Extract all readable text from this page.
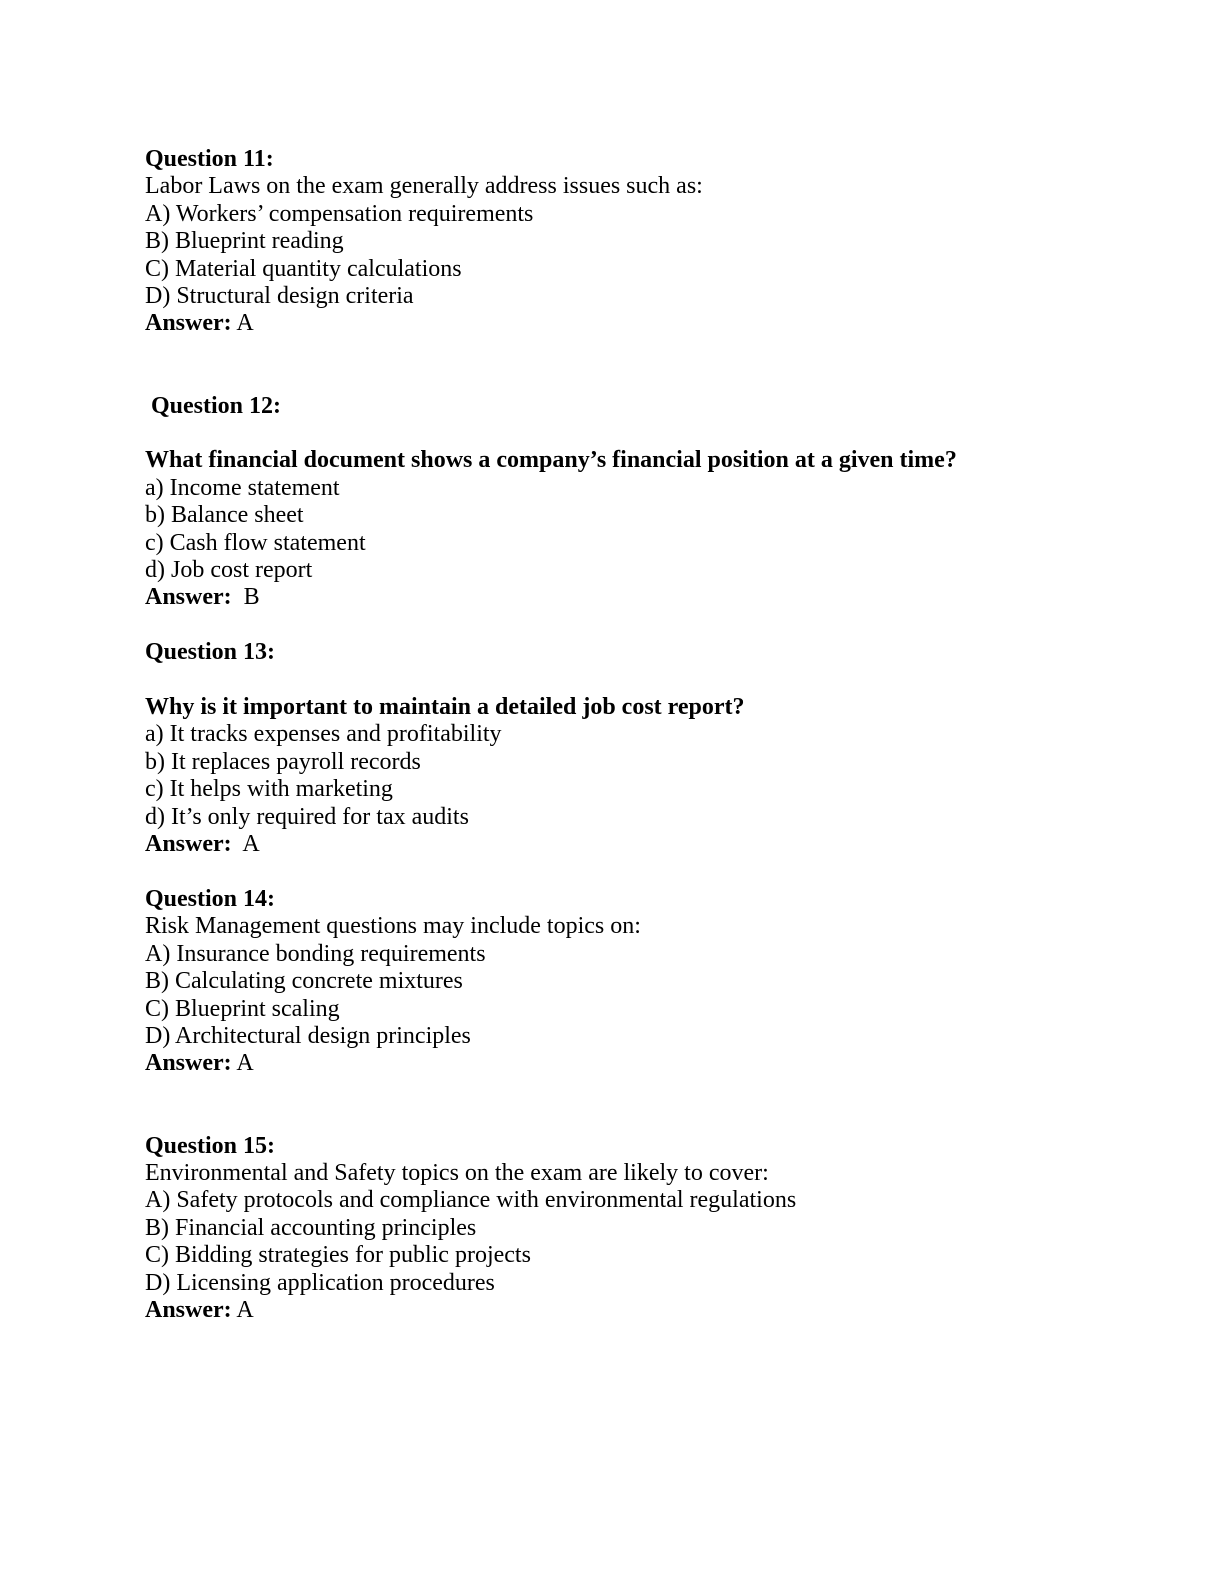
Question 11:
Labor Laws on the exam generally address issues such as:
A) Workers’ compensation requirements
B) Blueprint reading
C) Material quantity calculations
D) Structural design criteria
Answer: A
Question 12:
What financial document shows a company’s financial position at a given time?
a) Income statement
b) Balance sheet
c) Cash flow statement
d) Job cost report
Answer:  B
Question 13:
Why is it important to maintain a detailed job cost report?
a) It tracks expenses and profitability
b) It replaces payroll records
c) It helps with marketing
d) It’s only required for tax audits
Answer:  A
Question 14:
Risk Management questions may include topics on:
A) Insurance bonding requirements
B) Calculating concrete mixtures
C) Blueprint scaling
D) Architectural design principles
Answer: A
Question 15:
Environmental and Safety topics on the exam are likely to cover:
A) Safety protocols and compliance with environmental regulations
B) Financial accounting principles
C) Bidding strategies for public projects
D) Licensing application procedures
Answer: A
